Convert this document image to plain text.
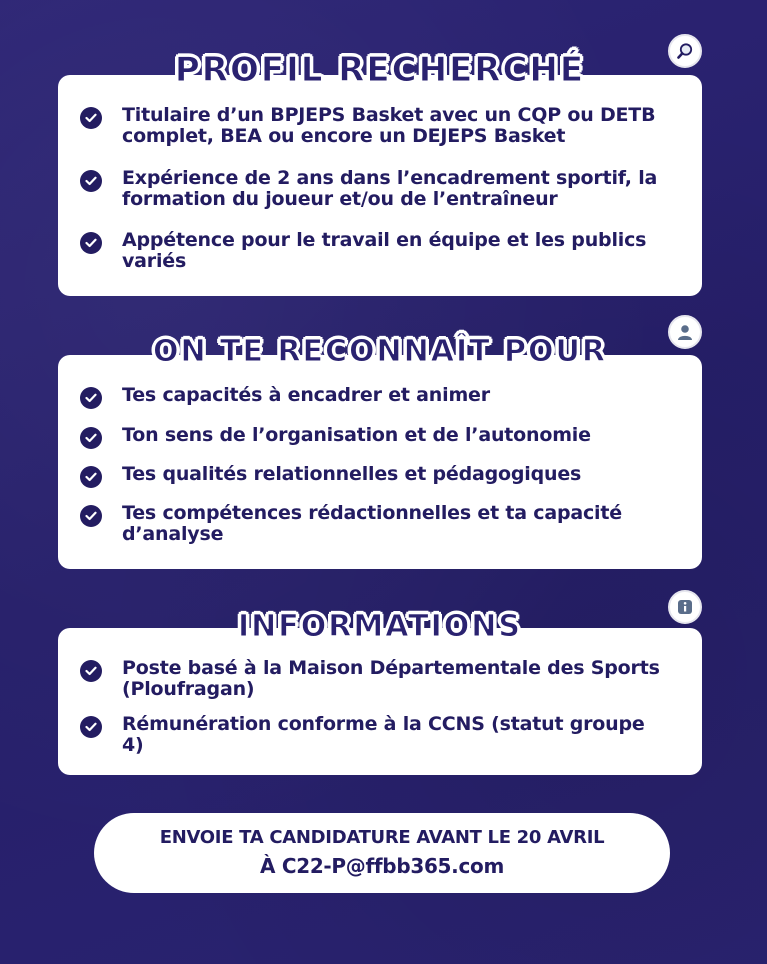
PROFIL RECHERCHÉ
Titulaire d’un BPJEPS Basket avec un CQP ou DETB complet, BEA ou encore un DEJEPS Basket
Expérience de 2 ans dans l’encadrement sportif, la formation du joueur et/ou de l’entraîneur
Appétence pour le travail en équipe et les publics variés
ON TE RECONNAÎT POUR
Tes capacités à encadrer et animer
Ton sens de l’organisation et de l’autonomie
Tes qualités relationnelles et pédagogiques
Tes compétences rédactionnelles et ta capacité d’analyse
INFORMATIONS
Poste basé à la Maison Départementale des Sports (Ploufragan)
Rémunération conforme à la CCNS (statut groupe 4)
ENVOIE TA CANDIDATURE AVANT LE 20 AVRIL
À C22-P@ffbb365.com
